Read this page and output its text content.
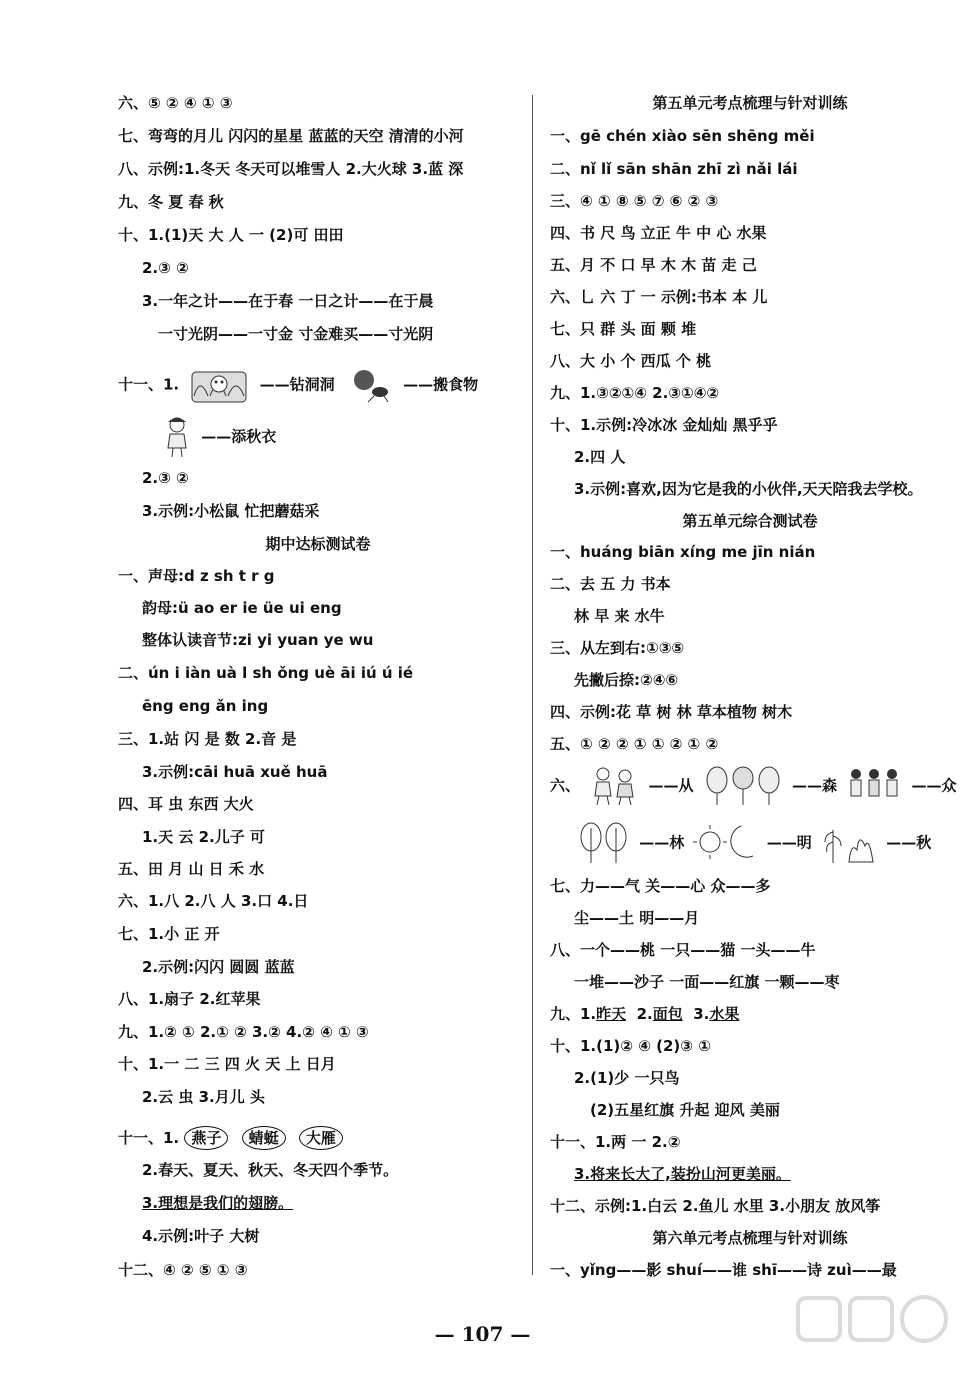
六、⑤ ② ④ ① ③
七、弯弯的月儿 闪闪的星星 蓝蓝的天空 清清的小河
八、示例:1.冬天 冬天可以堆雪人 2.大火球 3.蓝 深
九、冬 夏 春 秋
十、1.(1)天 大 人 一 (2)可 田田
2.③ ②
3.一年之计——在于春 一日之计——在于晨
一寸光阴——一寸金 寸金难买——寸光阴
十一、1.	——钻洞洞	——搬食物
——添秋衣
2.③ ②
3.示例:小松鼠 忙把蘑菇采
期中达标测试卷
一、声母:d z sh t r g
韵母:ü ao er ie üe ui eng
整体认读音节:zi yi yuan ye wu
二、ún i iàn uà l sh ǒng uè āi iú ú ié
ēng eng ǎn ing
三、1.站 闪 是 数 2.音 是
3.示例:cāi huā xuě huā
四、耳 虫 东西 大火
1.天 云 2.儿子 可
五、田 月 山 日 禾 水
六、1.八 2.八 人 3.口 4.日
七、1.小 正 开
2.示例:闪闪 圆圆 蓝蓝
八、1.扇子 2.红苹果
九、1.② ① 2.① ② 3.② 4.② ④ ① ③
十、1.一 二 三 四 火 天 上 日月
2.云 虫 3.月儿 头
十一、1. 燕子 蜻蜓 大雁
2.春天、夏天、秋天、冬天四个季节。
3.理想是我们的翅膀。
4.示例:叶子 大树
十二、④ ② ⑤ ① ③
第五单元考点梳理与针对训练
一、gē chén xiào sēn shēng měi
二、nǐ lǐ sān shān zhī zì nǎi lái
三、④ ① ⑧ ⑤ ⑦ ⑥ ② ③
四、书 尺 鸟 立正 牛 中 心 水果
五、月 不 口 早 木 木 苗 走 己
六、乚 六 丁 一 示例:书本 本 儿
七、只 群 头 面 颗 堆
八、大 小 个 西瓜 个 桃
九、1.③②①④ 2.③①④②
十、1.示例:冷冰冰 金灿灿 黑乎乎
2.四 人
3.示例:喜欢,因为它是我的小伙伴,天天陪我去学校。
第五单元综合测试卷
一、huáng biān xíng me jīn nián
二、去 五 力 书本
林 早 来 水牛
三、从左到右:①③⑤
先撇后捺:②④⑥
四、示例:花 草 树 林 草本植物 树木
五、① ② ② ① ① ② ① ②
六、	——从	——森	——众
——林	——明	——秋
七、力——气 关——心 众——多
尘——土 明——月
八、一个——桃 一只——猫 一头——牛
一堆——沙子 一面——红旗 一颗——枣
九、1.昨天 2.面包 3.水果
十、1.(1)② ④ (2)③ ①
2.(1)少 一只鸟
(2)五星红旗 升起 迎风 美丽
十一、1.两 一 2.②
3.将来长大了,装扮山河更美丽。
十二、示例:1.白云 2.鱼儿 水里 3.小朋友 放风筝
第六单元考点梳理与针对训练
一、yǐng——影 shuí——谁 shī——诗 zuì——最
— 107 —
